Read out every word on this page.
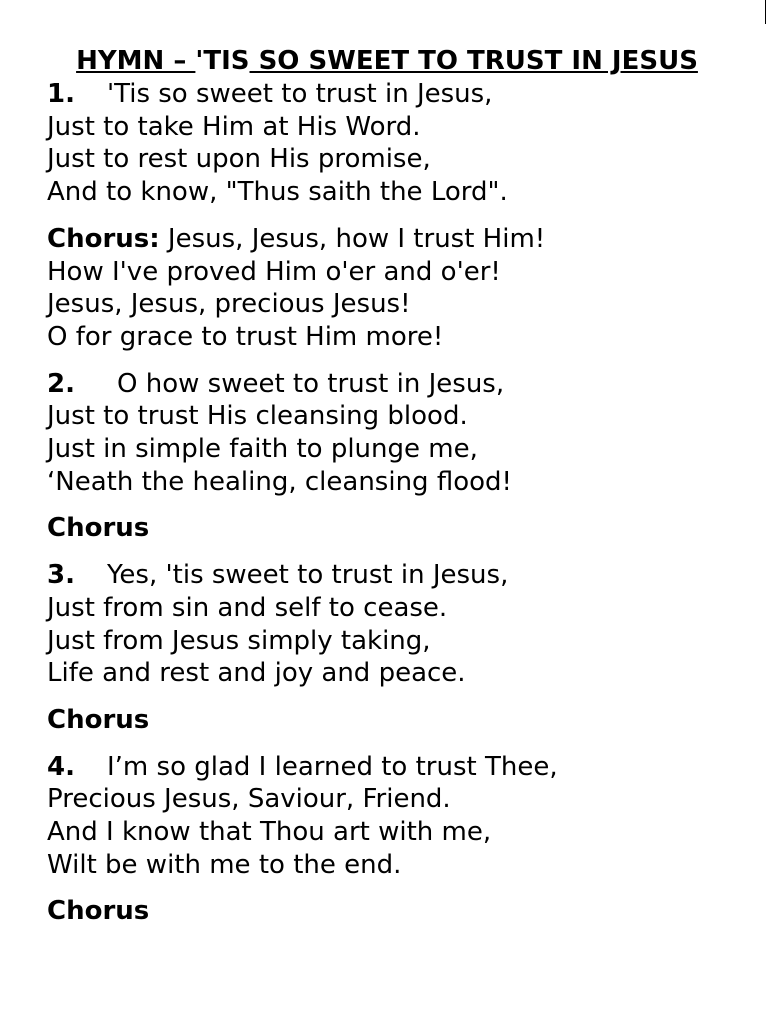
HYMN – 'TIS SO SWEET TO TRUST IN JESUS
1. 'Tis so sweet to trust in Jesus,
Just to take Him at His Word.
Just to rest upon His promise,
And to know, "Thus saith the Lord".
Chorus: Jesus, Jesus, how I trust Him!
How I've proved Him o'er and o'er!
Jesus, Jesus, precious Jesus!
O for grace to trust Him more!
2. O how sweet to trust in Jesus,
Just to trust His cleansing blood.
Just in simple faith to plunge me,
‘Neath the healing, cleansing flood!
Chorus
3. Yes, 'tis sweet to trust in Jesus,
Just from sin and self to cease.
Just from Jesus simply taking,
Life and rest and joy and peace.
Chorus
4. I’m so glad I learned to trust Thee,
Precious Jesus, Saviour, Friend.
And I know that Thou art with me,
Wilt be with me to the end.
Chorus
